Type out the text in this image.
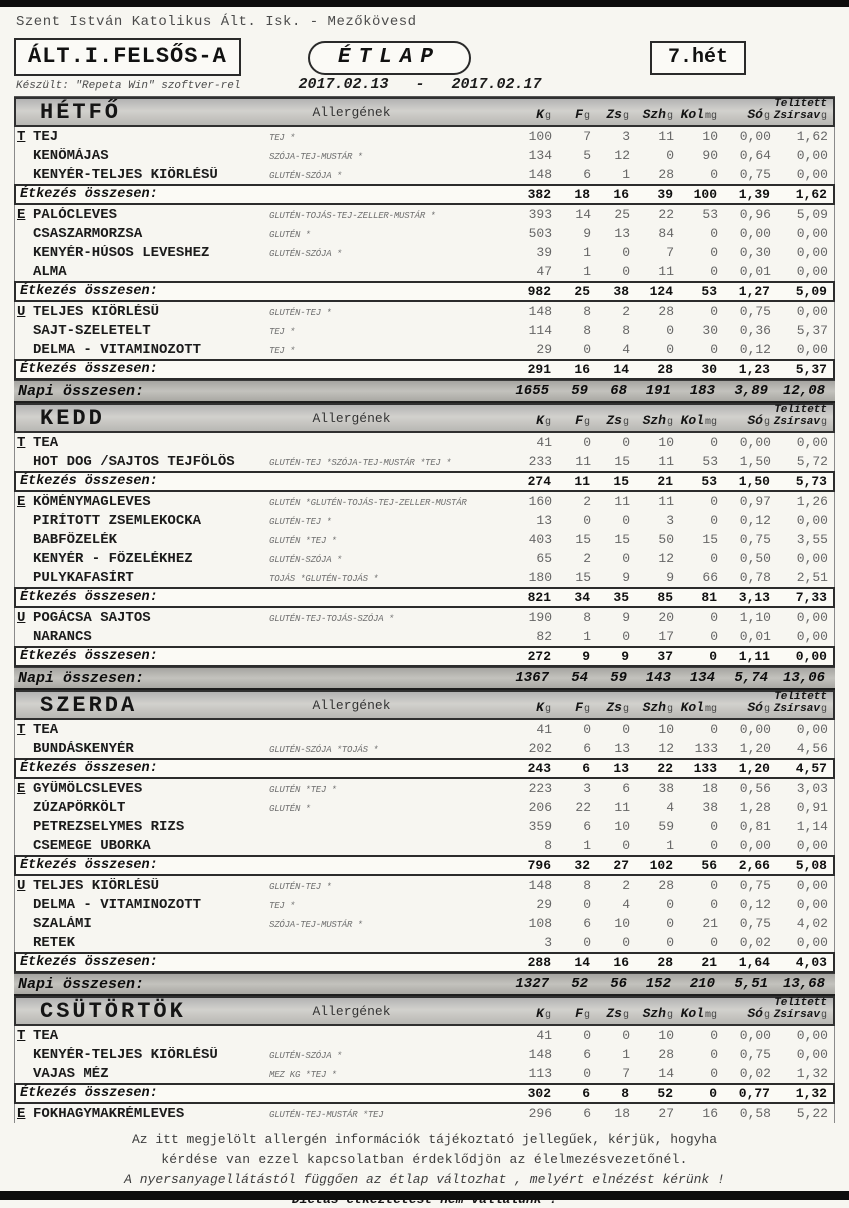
Szent István Katolikus Ált. Isk. - Mezőkövesd
ÁLT.I.FELSŐS-A	ÉTLAP	7.hét
Készült: "Repeta Win" szoftver-rel	2017.02.13   -   2017.02.17
HÉTFŐ	Allergének	K g F g Zs g Szh g Kol mg Só g
Telített
Zsírsav g
T TEJ	TEJ *	100	7	3	11	10	0,00	1,62
KENŐMÁJAS	SZÓJA-TEJ-MUSTÁR *	134	5	12	0	90	0,64	0,00
KENYÉR-TELJES KIÖRLÉSŰ	GLUTÉN-SZÓJA *	148	6	1	28	0	0,75	0,00
Étkezés összesen:	382	18	16	39	100	1,39	1,62
E PALÓCLEVES	GLUTÉN-TOJÁS-TEJ-ZELLER-MUSTÁR *	393	14	25	22	53	0,96	5,09
CSASZARMORZSA	GLUTÉN *	503	9	13	84	0	0,00	0,00
KENYÉR-HÚSOS LEVESHEZ	GLUTÉN-SZÓJA *	39	1	0	7	0	0,30	0,00
ALMA	47	1	0	11	0	0,01	0,00
Étkezés összesen:	982	25	38	124	53	1,27	5,09
U TELJES KIÖRLÉSŰ	GLUTÉN-TEJ *	148	8	2	28	0	0,75	0,00
SAJT-SZELETELT	TEJ *	114	8	8	0	30	0,36	5,37
DELMA - VITAMINOZOTT	TEJ *	29	0	4	0	0	0,12	0,00
Étkezés összesen:	291	16	14	28	30	1,23	5,37
Napi összesen:	1655	59	68	191	183	3,89	12,08
KEDD	Allergének	K g F g Zs g Szh g Kol mg Só g
Telített
Zsírsav g
T TEA	41	0	0	10	0	0,00	0,00
HOT DOG /SAJTOS TEJFÖLÖS	GLUTÉN-TEJ *SZÓJA-TEJ-MUSTÁR *TEJ *	233	11	15	11	53	1,50	5,72
Étkezés összesen:	274	11	15	21	53	1,50	5,73
E KÖMÉNYMAGLEVES	GLUTÉN *GLUTÉN-TOJÁS-TEJ-ZELLER-MUSTÁR	160	2	11	11	0	0,97	1,26
PIRÍTOTT ZSEMLEKOCKA	GLUTÉN-TEJ *	13	0	0	3	0	0,12	0,00
BABFŐZELÉK	GLUTÉN *TEJ *	403	15	15	50	15	0,75	3,55
KENYÉR - FŐZELÉKHEZ	GLUTÉN-SZÓJA *	65	2	0	12	0	0,50	0,00
PULYKAFASÍRT	TOJÁS *GLUTÉN-TOJÁS *	180	15	9	9	66	0,78	2,51
Étkezés összesen:	821	34	35	85	81	3,13	7,33
U POGÁCSA SAJTOS	GLUTÉN-TEJ-TOJÁS-SZÓJA *	190	8	9	20	0	1,10	0,00
NARANCS	82	1	0	17	0	0,01	0,00
Étkezés összesen:	272	9	9	37	0	1,11	0,00
Napi összesen:	1367	54	59	143	134	5,74	13,06
SZERDA	Allergének	K g F g Zs g Szh g Kol mg Só g
Telített
Zsírsav g
T TEA	41	0	0	10	0	0,00	0,00
BUNDÁSKENYÉR	GLUTÉN-SZÓJA *TOJÁS *	202	6	13	12	133	1,20	4,56
Étkezés összesen:	243	6	13	22	133	1,20	4,57
E GYÜMÖLCSLEVES	GLUTÉN *TEJ *	223	3	6	38	18	0,56	3,03
ZÚZAPÖRKÖLT	GLUTÉN *	206	22	11	4	38	1,28	0,91
PETREZSELYMES RIZS	359	6	10	59	0	0,81	1,14
CSEMEGE UBORKA	8	1	0	1	0	0,00	0,00
Étkezés összesen:	796	32	27	102	56	2,66	5,08
U TELJES KIÖRLÉSŰ	GLUTÉN-TEJ *	148	8	2	28	0	0,75	0,00
DELMA - VITAMINOZOTT	TEJ *	29	0	4	0	0	0,12	0,00
SZALÁMI	SZÓJA-TEJ-MUSTÁR *	108	6	10	0	21	0,75	4,02
RETEK	3	0	0	0	0	0,02	0,00
Étkezés összesen:	288	14	16	28	21	1,64	4,03
Napi összesen:	1327	52	56	152	210	5,51	13,68
CSÜTÖRTÖK	Allergének	K g F g Zs g Szh g Kol mg Só g
Telített
Zsírsav g
T TEA	41	0	0	10	0	0,00	0,00
KENYÉR-TELJES KIÖRLÉSŰ	GLUTÉN-SZÓJA *	148	6	1	28	0	0,75	0,00
VAJAS MÉZ	MEZ KG *TEJ *	113	0	7	14	0	0,02	1,32
Étkezés összesen:	302	6	8	52	0	0,77	1,32
E FOKHAGYMAKRÉMLEVES	GLUTÉN-TEJ-MUSTÁR *TEJ	296	6	18	27	16	0,58	5,22

Az itt megjelölt allergén információk tájékoztató jellegűek, kérjük, hogyha

kérdése van ezzel kapcsolatban érdeklődjön az élelmezésvezetőnél.

A nyersanyagellátástól függően az étlap változhat , melyért elnézést kérünk !
